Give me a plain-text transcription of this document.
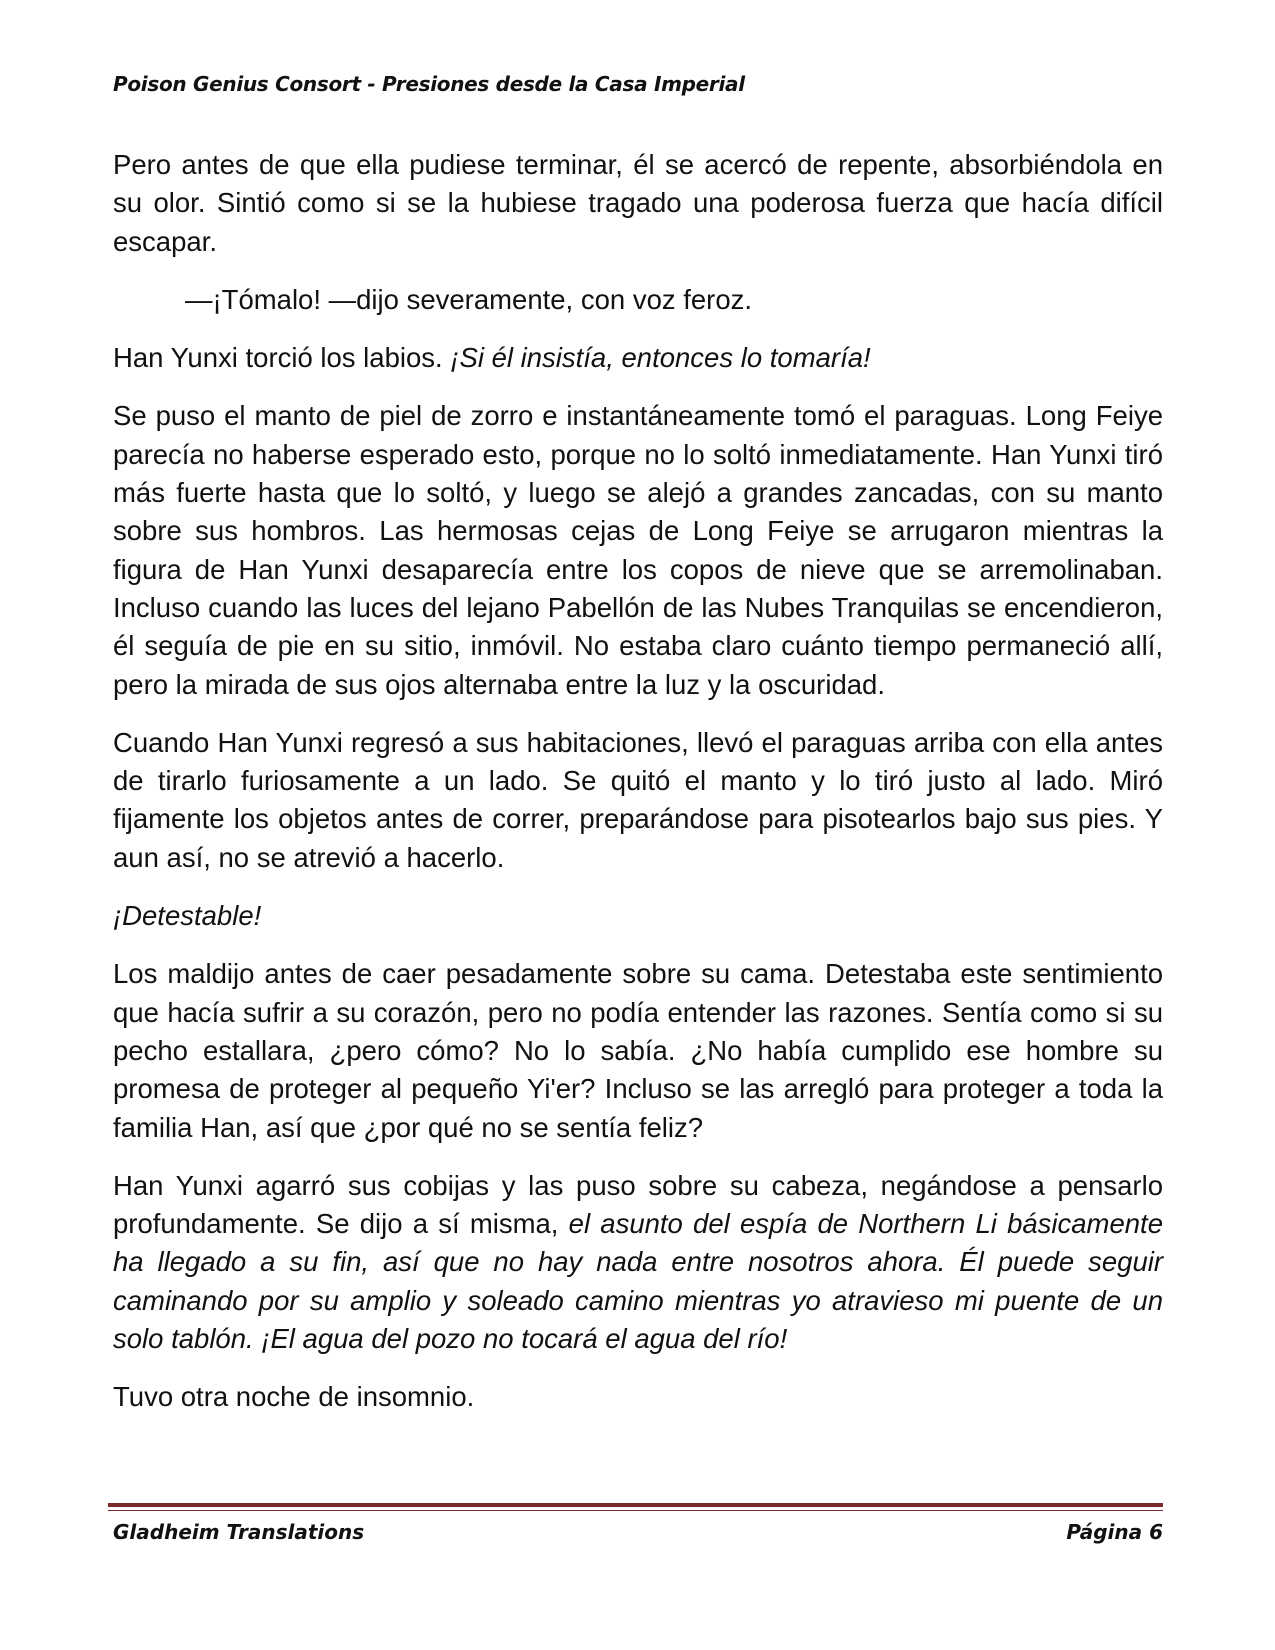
Poison Genius Consort - Presiones desde la Casa Imperial

Pero antes de que ella pudiese terminar, él se acercó de repente, absorbiéndola en su olor. Sintió como si se la hubiese tragado una poderosa fuerza que hacía difícil escapar.

—¡Tómalo! —dijo severamente, con voz feroz.

Han Yunxi torció los labios. ¡Si él insistía, entonces lo tomaría!

Se puso el manto de piel de zorro e instantáneamente tomó el paraguas. Long Feiye parecía no haberse esperado esto, porque no lo soltó inmediatamente. Han Yunxi tiró más fuerte hasta que lo soltó, y luego se alejó a grandes zancadas, con su manto sobre sus hombros. Las hermosas cejas de Long Feiye se arrugaron mientras la figura de Han Yunxi desaparecía entre los copos de nieve que se arremolinaban. Incluso cuando las luces del lejano Pabellón de las Nubes Tranquilas se encendieron, él seguía de pie en su sitio, inmóvil. No estaba claro cuánto tiempo permaneció allí, pero la mirada de sus ojos alternaba entre la luz y la oscuridad.

Cuando Han Yunxi regresó a sus habitaciones, llevó el paraguas arriba con ella antes de tirarlo furiosamente a un lado. Se quitó el manto y lo tiró justo al lado. Miró fijamente los objetos antes de correr, preparándose para pisotearlos bajo sus pies. Y aun así, no se atrevió a hacerlo.

¡Detestable!

Los maldijo antes de caer pesadamente sobre su cama. Detestaba este sentimiento que hacía sufrir a su corazón, pero no podía entender las razones. Sentía como si su pecho estallara, ¿pero cómo? No lo sabía. ¿No había cumplido ese hombre su promesa de proteger al pequeño Yi'er? Incluso se las arregló para proteger a toda la familia Han, así que ¿por qué no se sentía feliz?

Han Yunxi agarró sus cobijas y las puso sobre su cabeza, negándose a pensarlo profundamente. Se dijo a sí misma, el asunto del espía de Northern Li básicamente ha llegado a su fin, así que no hay nada entre nosotros ahora. Él puede seguir caminando por su amplio y soleado camino mientras yo atravieso mi puente de un solo tablón. ¡El agua del pozo no tocará el agua del río!

Tuvo otra noche de insomnio.

Gladheim Translations	Página 6
